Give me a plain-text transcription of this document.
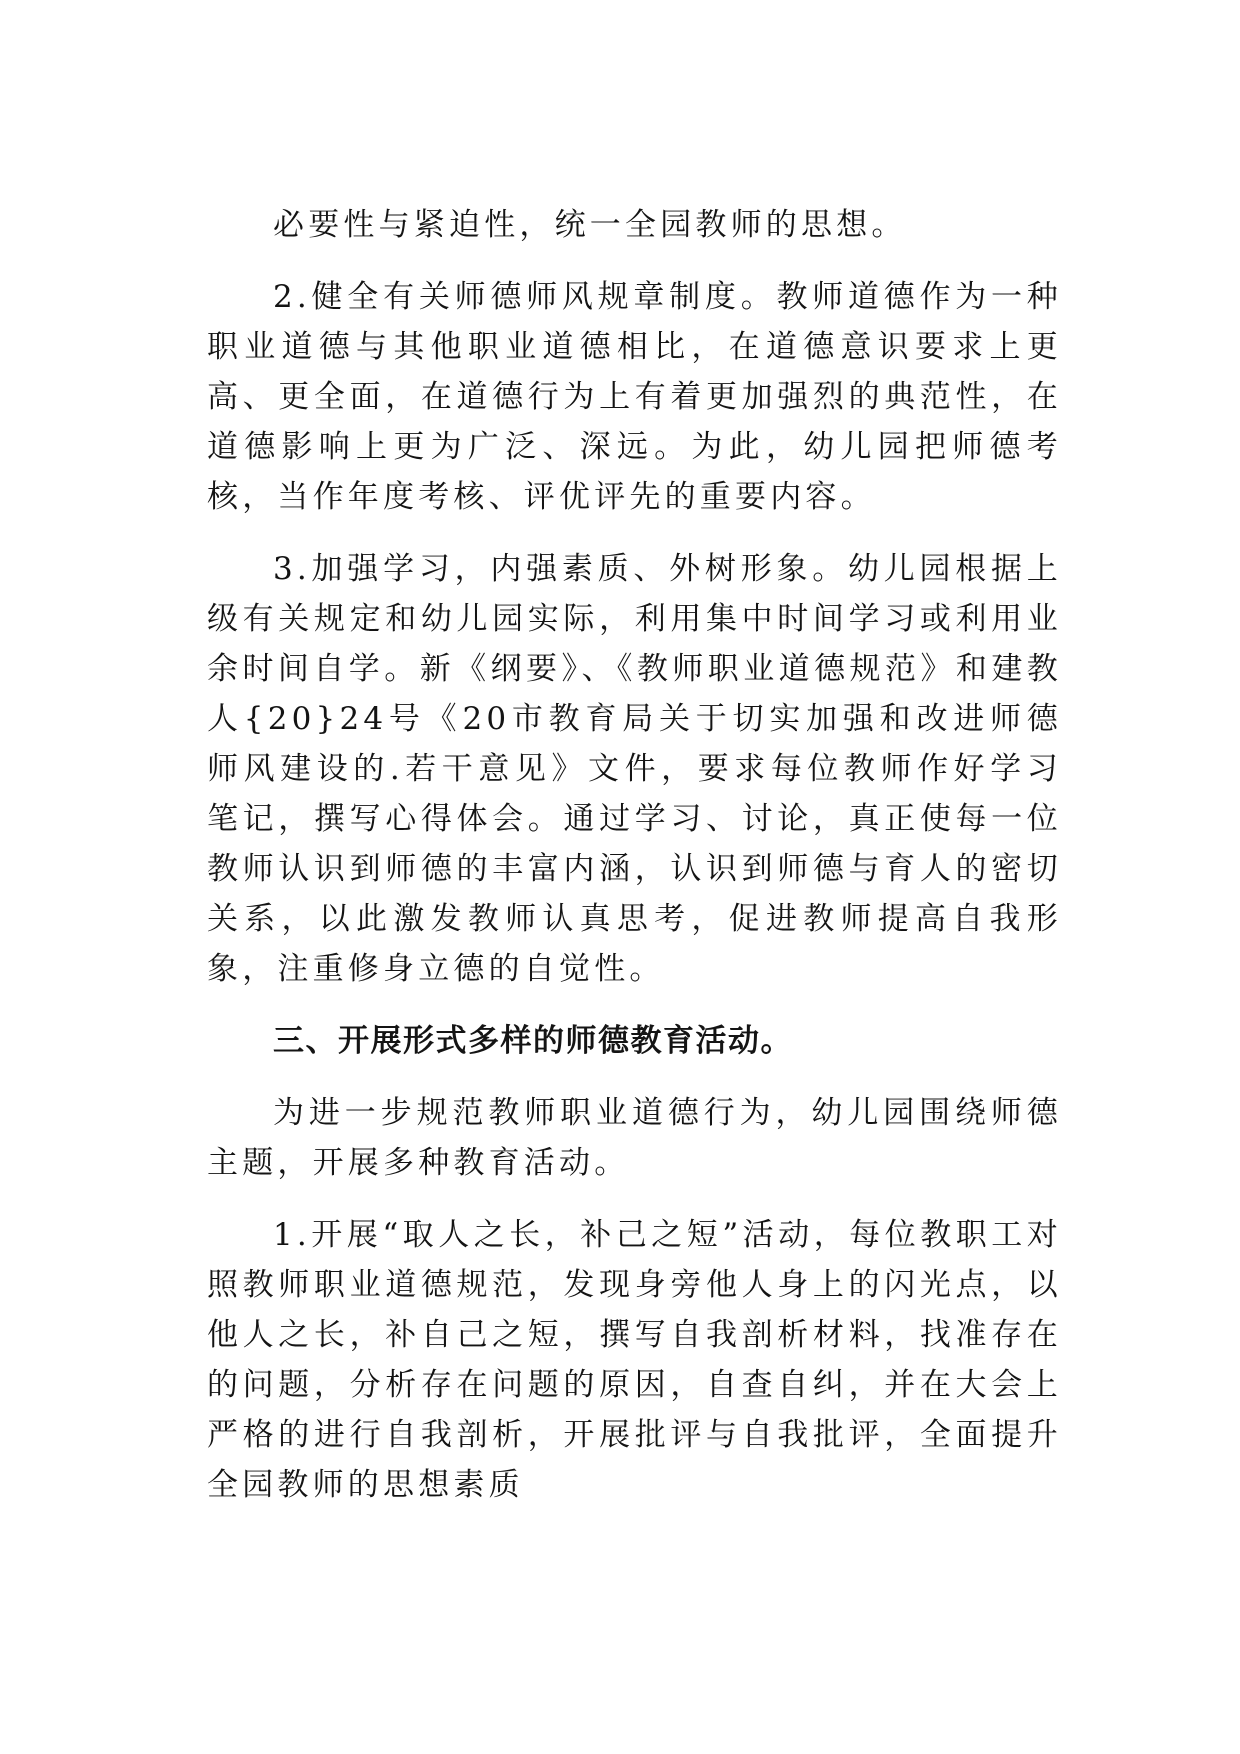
必要性与紧迫性，统一全园教师的思想。

2.健全有关师德师风规章制度。教师道德作为一种职业道德与其他职业道德相比，在道德意识要求上更高、更全面，在道德行为上有着更加强烈的典范性，在道德影响上更为广泛、深远。为此，幼儿园把师德考核，当作年度考核、评优评先的重要内容。

3.加强学习，内强素质、外树形象。幼儿园根据上级有关规定和幼儿园实际，利用集中时间学习或利用业余时间自学。新《纲要》、《教师职业道德规范》和建教人{20}24号《20市教育局关于切实加强和改进师德师风建设的.若干意见》文件，要求每位教师作好学习笔记，撰写心得体会。通过学习、讨论，真正使每一位教师认识到师德的丰富内涵，认识到师德与育人的密切关系，以此激发教师认真思考，促进教师提高自我形象，注重修身立德的自觉性。

三、开展形式多样的师德教育活动。

为进一步规范教师职业道德行为，幼儿园围绕师德主题，开展多种教育活动。

1.开展“取人之长，补己之短”活动，每位教职工对照教师职业道德规范，发现身旁他人身上的闪光点，以他人之长，补自己之短，撰写自我剖析材料，找准存在的问题，分析存在问题的原因，自查自纠，并在大会上严格的进行自我剖析，开展批评与自我批评，全面提升全园教师的思想素质
